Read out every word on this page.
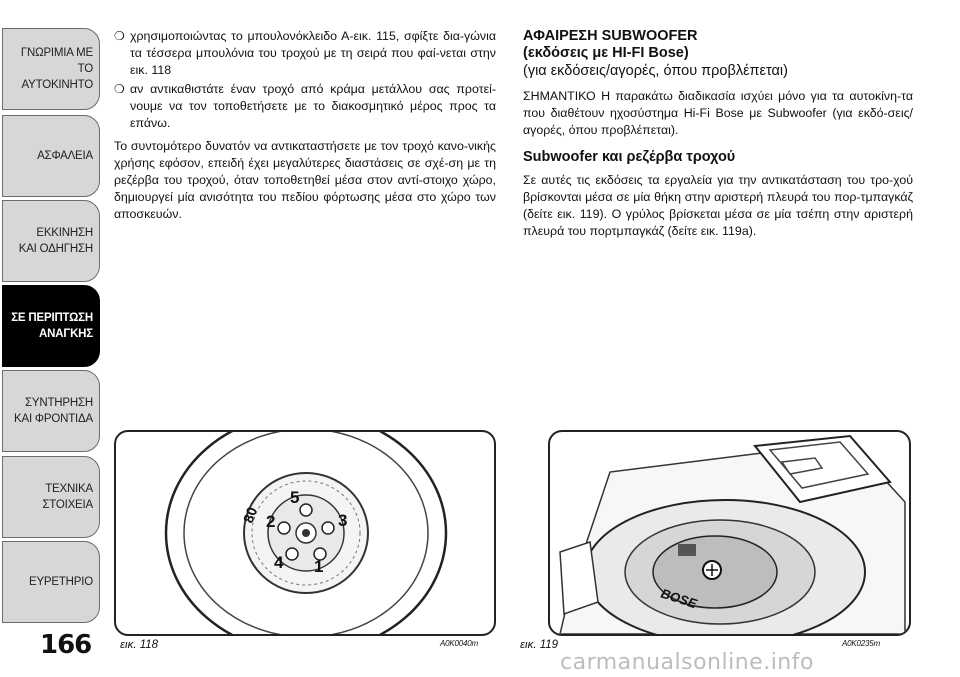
ΓΝΩΡΙΜΙΑ ΜΕ ΤΟ
ΑΥΤΟΚΙΝΗΤΟ
ΑΣΦΑΛΕΙΑ
ΕΚΚΙΝΗΣΗ
ΚΑΙ ΟΔΗΓΗΣΗ
ΣΕ ΠΕΡΙΠΤΩΣΗ
ΑΝΑΓΚΗΣ
ΣΥΝΤΗΡΗΣΗ
ΚΑΙ ΦΡΟΝΤΙΔΑ
ΤΕΧΝΙΚΑ
ΣΤΟΙΧΕΙΑ
ΕΥΡΕΤΗΡΙΟ
166
❍ χρησιμοποιώντας το μπουλονόκλειδο Α-εικ. 115, σφίξτε δια-γώνια τα τέσσερα μπουλόνια του τροχού με τη σειρά που φαί-νεται στην εικ. 118
❍ αν αντικαθιστάτε έναν τροχό από κράμα μετάλλου σας προτεί-νουμε να τον τοποθετήσετε με το διακοσμητικό μέρος προς τα επάνω.

Το συντομότερο δυνατόν να αντικαταστήσετε με τον τροχό κανο-νικής χρήσης εφόσον, επειδή έχει μεγαλύτερες διαστάσεις σε σχέ-ση με τη ρεζέρβα του τροχού, όταν τοποθετηθεί μέσα στον αντί-στοιχο χώρο, δημιουργεί μία ανισότητα του πεδίου φόρτωσης μέσα στο χώρο των αποσκευών.

ΑΦΑΙΡΕΣΗ SUBWOOFER
(εκδόσεις με HI-FI Bose)
(για εκδόσεις/αγορές, όπου προβλέπεται)

ΣΗΜΑΝΤΙΚΟ Η παρακάτω διαδικασία ισχύει μόνο για τα αυτοκίνη-τα που διαθέτουν ηχοσύστημα Hi-Fi Bose με Subwoofer (για εκδό-σεις/αγορές, όπου προβλέπεται).

Subwoofer και ρεζέρβα τροχού

Σε αυτές τις εκδόσεις τα εργαλεία για την αντικατάσταση του τρο-χού βρίσκονται μέσα σε μία θήκη στην αριστερή πλευρά του πορ-τμπαγκάζ (δείτε εικ. 119). Ο γρύλος βρίσκεται μέσα σε μία τσέπη στην αριστερή πλευρά του πορτμπαγκάζ (δείτε εικ. 119a).

5
3
2
4 1
80
εικ. 118	A0K0040m
BOSE
εικ. 119	A0K0235m
carmanualsonline.info
